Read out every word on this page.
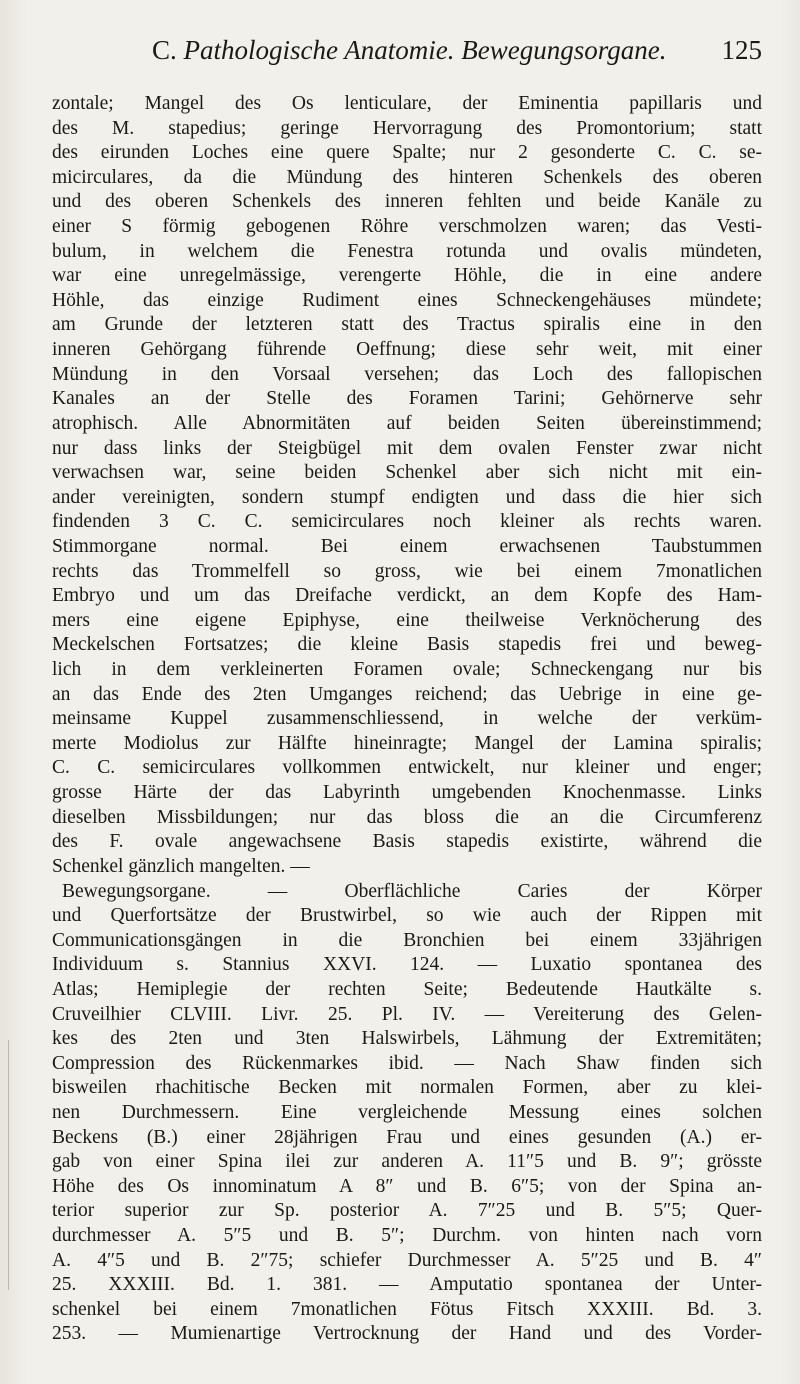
C. Pathologische Anatomie. Bewegungsorgane. 125
zontale; Mangel des Os lenticulare, der Eminentia papillaris und
des M. stapedius; geringe Hervorragung des Promontorium; statt
des eirunden Loches eine quere Spalte; nur 2 gesonderte C. C. se-
micirculares, da die Mündung des hinteren Schenkels des oberen
und des oberen Schenkels des inneren fehlten und beide Kanäle zu
einer S förmig gebogenen Röhre verschmolzen waren; das Vesti-
bulum, in welchem die Fenestra rotunda und ovalis mündeten,
war eine unregelmässige, verengerte Höhle, die in eine andere
Höhle, das einzige Rudiment eines Schneckengehäuses mündete;
am Grunde der letzteren statt des Tractus spiralis eine in den
inneren Gehörgang führende Oeffnung; diese sehr weit, mit einer
Mündung in den Vorsaal versehen; das Loch des fallopischen
Kanales an der Stelle des Foramen Tarini; Gehörnerve sehr
atrophisch. Alle Abnormitäten auf beiden Seiten übereinstimmend;
nur dass links der Steigbügel mit dem ovalen Fenster zwar nicht
verwachsen war, seine beiden Schenkel aber sich nicht mit ein-
ander vereinigten, sondern stumpf endigten und dass die hier sich
findenden 3 C. C. semicirculares noch kleiner als rechts waren.
Stimmorgane normal. Bei einem erwachsenen Taubstummen
rechts das Trommelfell so gross, wie bei einem 7monatlichen
Embryo und um das Dreifache verdickt, an dem Kopfe des Ham-
mers eine eigene Epiphyse, eine theilweise Verknöcherung des
Meckelschen Fortsatzes; die kleine Basis stapedis frei und beweg-
lich in dem verkleinerten Foramen ovale; Schneckengang nur bis
an das Ende des 2ten Umganges reichend; das Uebrige in eine ge-
meinsame Kuppel zusammenschliessend, in welche der verküm-
merte Modiolus zur Hälfte hineinragte; Mangel der Lamina spiralis;
C. C. semicirculares vollkommen entwickelt, nur kleiner und enger;
grosse Härte der das Labyrinth umgebenden Knochenmasse. Links
dieselben Missbildungen; nur das bloss die an die Circumferenz
des F. ovale angewachsene Basis stapedis existirte, während die
Schenkel gänzlich mangelten. —
Bewegungsorgane. — Oberflächliche Caries der Körper
und Querfortsätze der Brustwirbel, so wie auch der Rippen mit
Communicationsgängen in die Bronchien bei einem 33jährigen
Individuum s. Stannius XXVI. 124. — Luxatio spontanea des
Atlas; Hemiplegie der rechten Seite; Bedeutende Hautkälte s.
Cruveilhier CLVIII. Livr. 25. Pl. IV. — Vereiterung des Gelen-
kes des 2ten und 3ten Halswirbels, Lähmung der Extremitäten;
Compression des Rückenmarkes ibid. — Nach Shaw finden sich
bisweilen rhachitische Becken mit normalen Formen, aber zu klei-
nen Durchmessern. Eine vergleichende Messung eines solchen
Beckens (B.) einer 28jährigen Frau und eines gesunden (A.) er-
gab von einer Spina ilei zur anderen A. 11″5 und B. 9″; grösste
Höhe des Os innominatum A 8″ und B. 6″5; von der Spina an-
terior superior zur Sp. posterior A. 7″25 und B. 5″5; Quer-
durchmesser A. 5″5 und B. 5″; Durchm. von hinten nach vorn
A. 4″5 und B. 2″75; schiefer Durchmesser A. 5″25 und B. 4″
25. XXXIII. Bd. 1. 381. — Amputatio spontanea der Unter-
schenkel bei einem 7monatlichen Fötus Fitsch XXXIII. Bd. 3.
253. — Mumienartige Vertrocknung der Hand und des Vorder-
